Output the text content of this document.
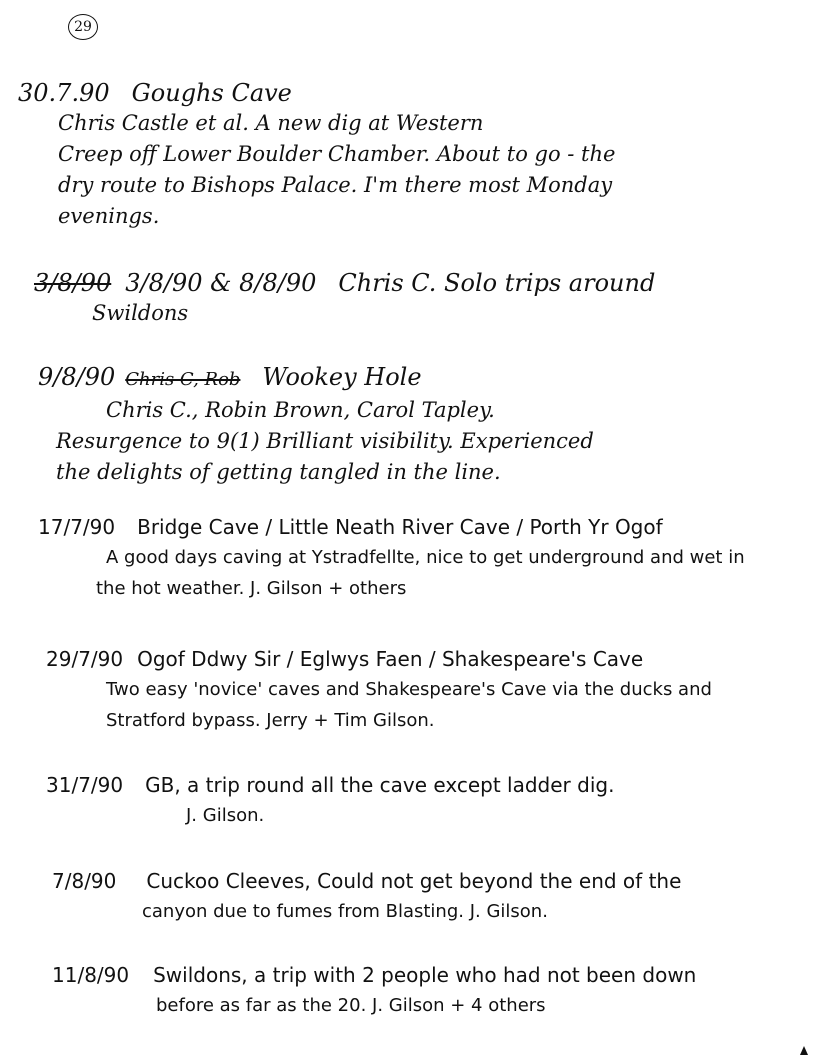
29
30.7.90 Goughs Cave
Chris Castle et al. A new dig at Western
Creep off Lower Boulder Chamber. About to go - the
dry route to Bishops Palace. I'm there most Monday
evenings.
3/8/90 3/8/90 & 8/8/90 Chris C. Solo trips around
Swildons
9/8/90 Chris C, Rob Wookey Hole
Chris C., Robin Brown, Carol Tapley.
Resurgence to 9(1) Brilliant visibility. Experienced
the delights of getting tangled in the line.
17/7/90 Bridge Cave / Little Neath River Cave / Porth Yr Ogof
A good days caving at Ystradfellte, nice to get underground and wet in
the hot weather. J. Gilson + others
29/7/90 Ogof Ddwy Sir / Eglwys Faen / Shakespeare's Cave
Two easy 'novice' caves and Shakespeare's Cave via the ducks and
Stratford bypass. Jerry + Tim Gilson.
31/7/90 GB, a trip round all the cave except ladder dig.
J. Gilson.
7/8/90 Cuckoo Cleeves, Could not get beyond the end of the
canyon due to fumes from Blasting. J. Gilson.
11/8/90 Swildons, a trip with 2 people who had not been down
before as far as the 20. J. Gilson + 4 others
